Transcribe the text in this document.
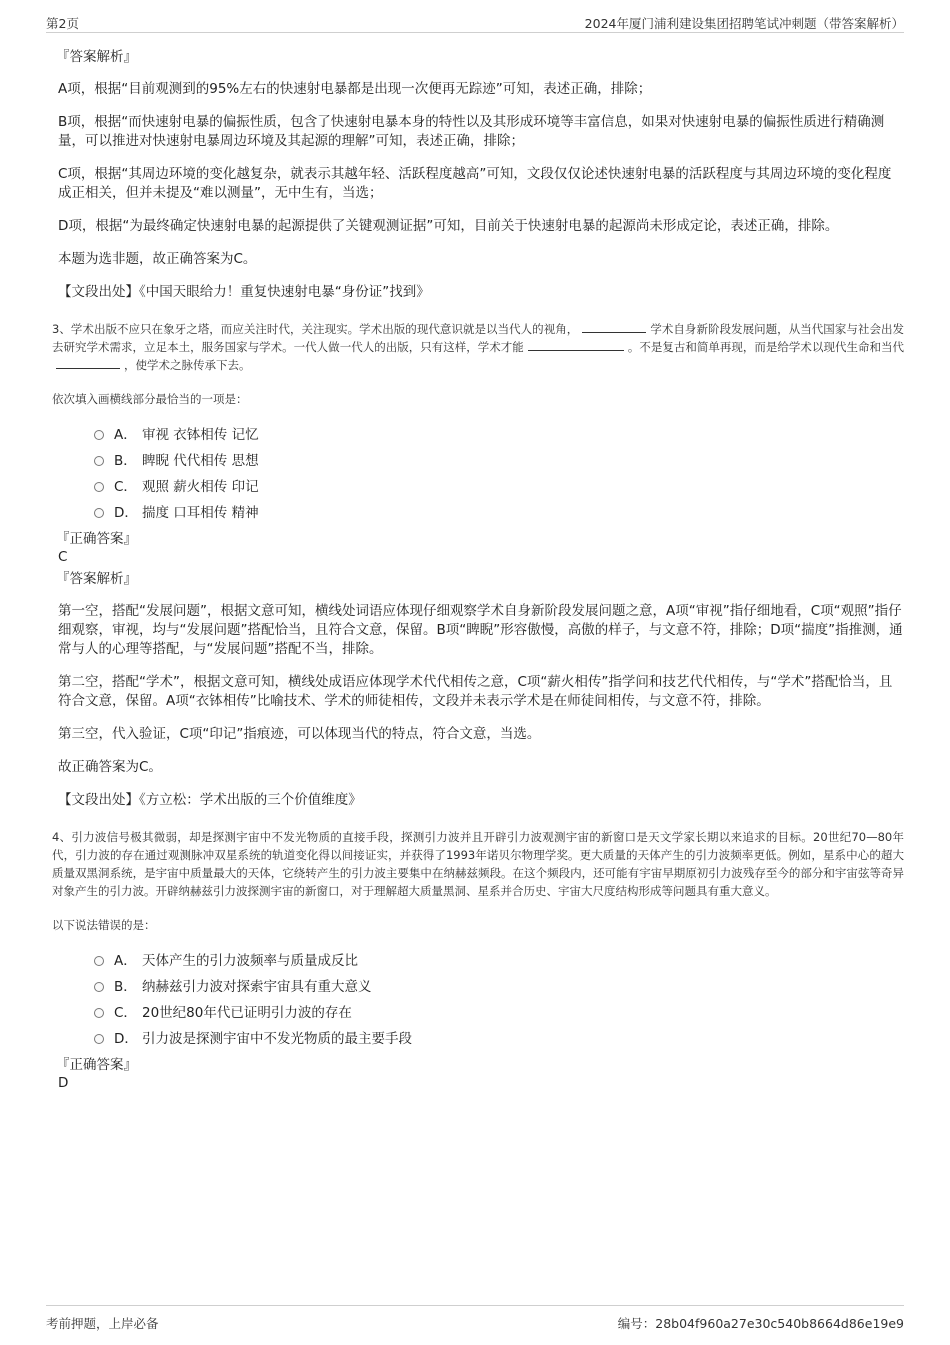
第2页	2024年厦门浦利建设集团招聘笔试冲刺题（带答案解析）
『答案解析』

A项，根据“目前观测到的95%左右的快速射电暴都是出现一次便再无踪迹”可知，表述正确，排除；

B项，根据“而快速射电暴的偏振性质，包含了快速射电暴本身的特性以及其形成环境等丰富信息，如果对快速射电暴的偏振性质进行精确测量，可以推进对快速射电暴周边环境及其起源的理解”可知，表述正确，排除；

C项，根据“其周边环境的变化越复杂，就表示其越年轻、活跃程度越高”可知，文段仅仅论述快速射电暴的活跃程度与其周边环境的变化程度成正相关，但并未提及“难以测量”，无中生有，当选；

D项，根据“为最终确定快速射电暴的起源提供了关键观测证据”可知，目前关于快速射电暴的起源尚未形成定论，表述正确，排除。

本题为选非题，故正确答案为C。

【文段出处】《中国天眼给力！重复快速射电暴“身份证”找到》

3、学术出版不应只在象牙之塔，而应关注时代，关注现实。学术出版的现代意识就是以当代人的视角，	学术自身新阶段发展问题，从当代国家与社会出发去研究学术需求，立足本土，服务国家与学术。一代人做一代人的出版，只有这样，学术才能	。不是复古和简单再现，而是给学术以现代生命和当代，使学术之脉传承下去。

依次填入画横线部分最恰当的一项是：

A． 审视 衣钵相传 记忆
B． 睥睨 代代相传 思想
C． 观照 薪火相传 印记
D． 揣度 口耳相传 精神
『正确答案』
C
『答案解析』

第一空，搭配“发展问题”，根据文意可知，横线处词语应体现仔细观察学术自身新阶段发展问题之意，A项“审视”指仔细地看，C项“观照”指仔细观察，审视，均与“发展问题”搭配恰当，且符合文意，保留。B项“睥睨”形容傲慢，高傲的样子，与文意不符，排除；D项“揣度”指推测，通常与人的心理等搭配，与“发展问题”搭配不当，排除。

第二空，搭配“学术”，根据文意可知，横线处成语应体现学术代代相传之意，C项“薪火相传”指学问和技艺代代相传，与“学术”搭配恰当，且符合文意，保留。A项“衣钵相传”比喻技术、学术的师徒相传，文段并未表示学术是在师徒间相传，与文意不符，排除。

第三空，代入验证，C项“印记”指痕迹，可以体现当代的特点，符合文意，当选。

故正确答案为C。

【文段出处】《方立松：学术出版的三个价值维度》

4、引力波信号极其微弱，却是探测宇宙中不发光物质的直接手段，探测引力波并且开辟引力波观测宇宙的新窗口是天文学家长期以来追求的目标。20世纪70—80年代，引力波的存在通过观测脉冲双星系统的轨道变化得以间接证实，并获得了1993年诺贝尔物理学奖。更大质量的天体产生的引力波频率更低。例如，星系中心的超大质量双黑洞系统，是宇宙中质量最大的天体，它绕转产生的引力波主要集中在纳赫兹频段。在这个频段内，还可能有宇宙早期原初引力波残存至今的部分和宇宙弦等奇异对象产生的引力波。开辟纳赫兹引力波探测宇宙的新窗口，对于理解超大质量黑洞、星系并合历史、宇宙大尺度结构形成等问题具有重大意义。

以下说法错误的是：

A． 天体产生的引力波频率与质量成反比
B． 纳赫兹引力波对探索宇宙具有重大意义
C． 20世纪80年代已证明引力波的存在
D． 引力波是探测宇宙中不发光物质的最主要手段
『正确答案』
D
考前押题，上岸必备	编号：28b04f960a27e30c540b8664d86e19e9
